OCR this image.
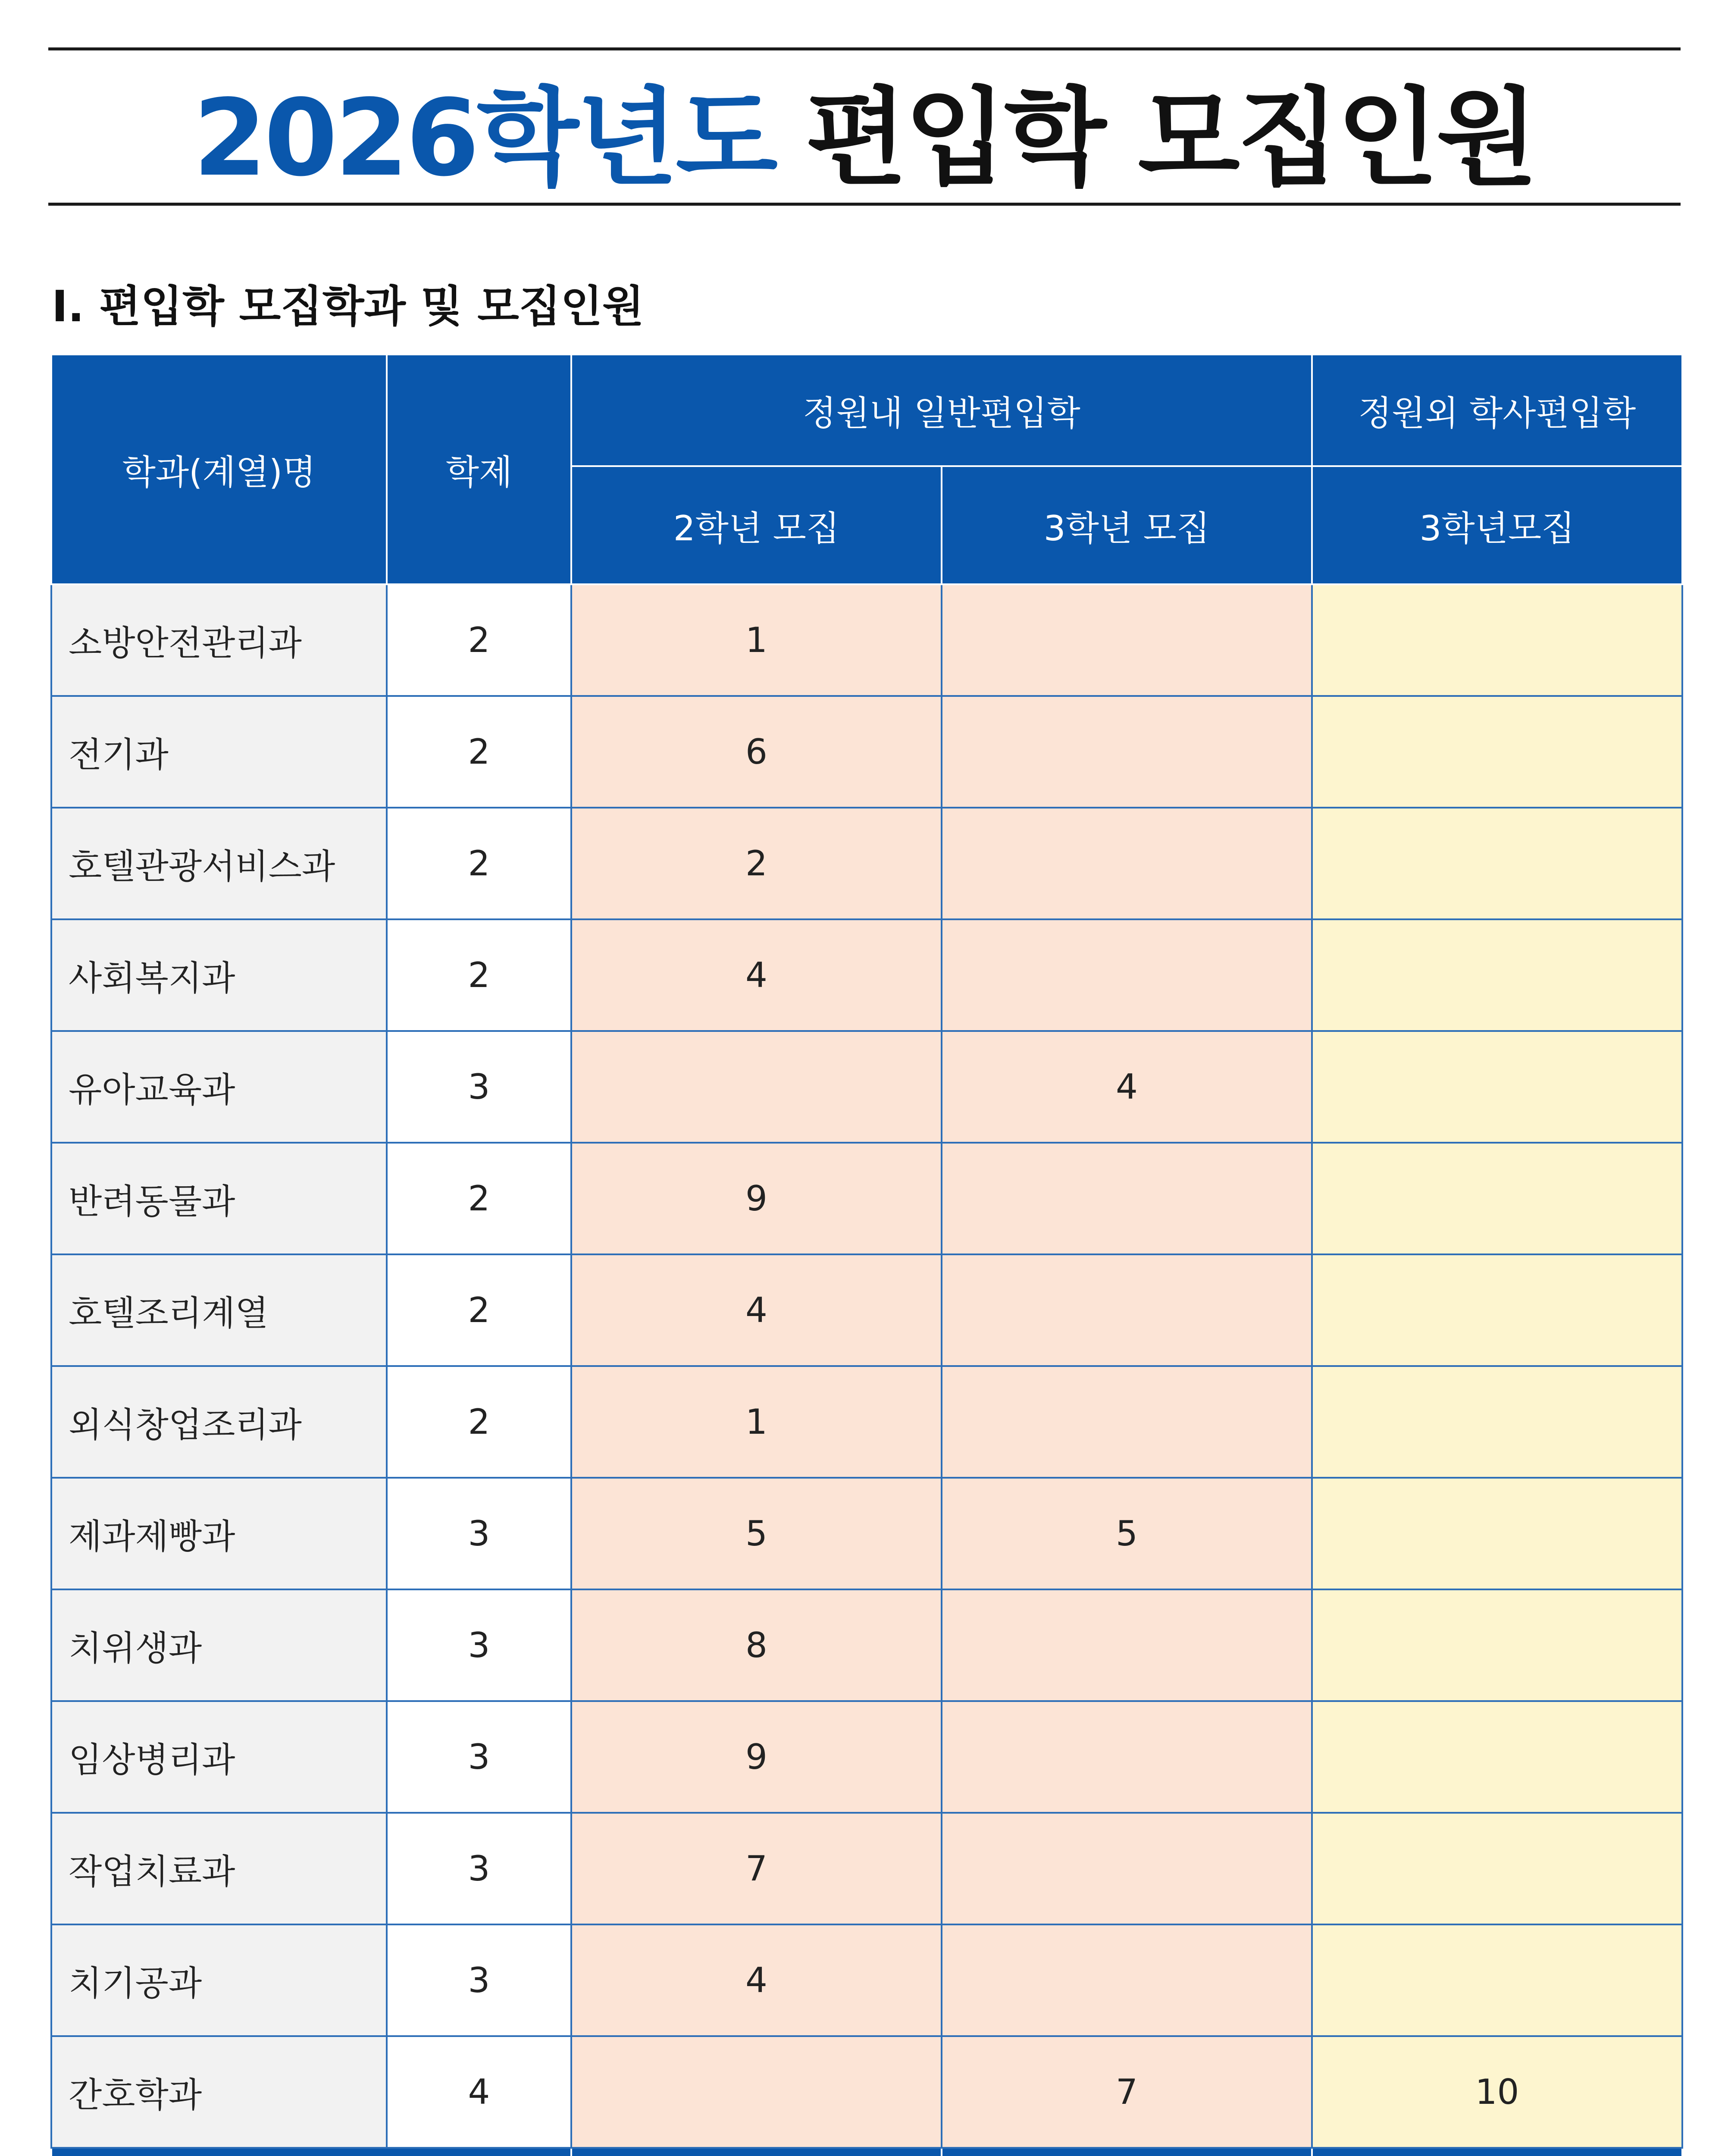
2026학년도 편입학 모집인원
Ⅰ. 편입학 모집학과 및 모집인원
학과(계열)명	학제	정원내 일반편입학		정원외 학사편입학
		2학년 모집	3학년 모집	3학년모집
소방안전관리과	2	1		
전기과	2	6		
호텔관광서비스과	2	2		
사회복지과	2	4		
유아교육과	3		4	
반려동물과	2	9		
호텔조리계열	2	4		
외식창업조리과	2	1		
제과제빵과	3	5	5	
치위생과	3	8		
임상병리과	3	9		
작업치료과	3	7		
치기공과	3	4		
간호학과	4		7	10
